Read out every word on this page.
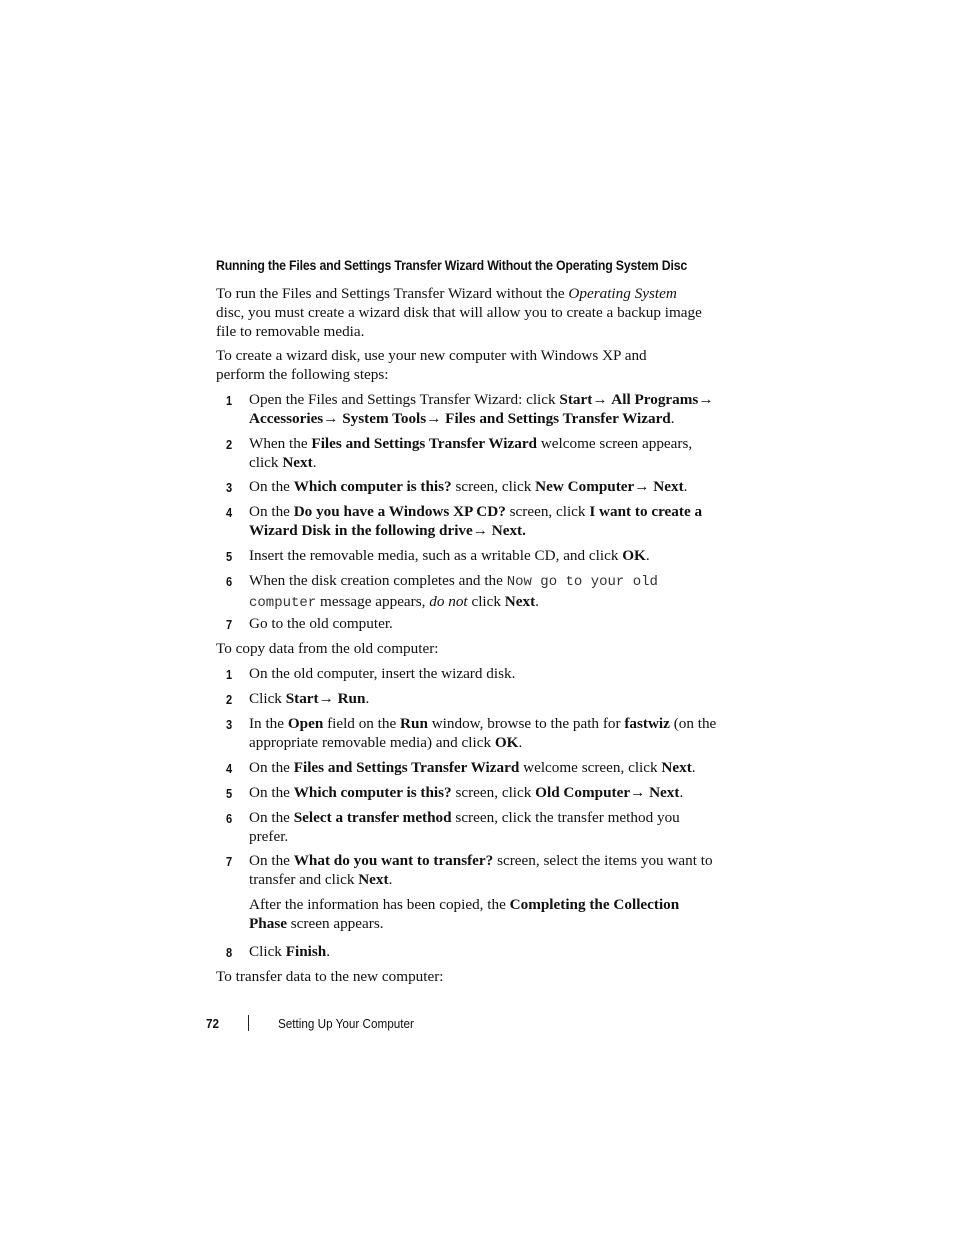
Running the Files and Settings Transfer Wizard Without the Operating System Disc

To run the Files and Settings Transfer Wizard without the Operating System
disc, you must create a wizard disk that will allow you to create a backup image file to removable media.

To create a wizard disk, use your new computer with Windows XP and perform the following steps:

1 Open the Files and Settings Transfer Wizard: click Start→ All Programs→
Accessories→ System Tools→ Files and Settings Transfer Wizard.
2 When the Files and Settings Transfer Wizard welcome screen appears, click Next.
3 On the Which computer is this? screen, click New Computer→ Next.
4 On the Do you have a Windows XP CD? screen, click I want to create a Wizard Disk in the following drive→ Next.
5 Insert the removable media, such as a writable CD, and click OK.
6 When the disk creation completes and the Now go to your old computer message appears, do not click Next.
7 Go to the old computer.
To copy data from the old computer:
1 On the old computer, insert the wizard disk.
2 Click Start→ Run.
3 In the Open field on the Run window, browse to the path for fastwiz (on the appropriate removable media) and click OK.
4 On the Files and Settings Transfer Wizard welcome screen, click Next.
5 On the Which computer is this? screen, click Old Computer→ Next.
6 On the Select a transfer method screen, click the transfer method you prefer.
7 On the What do you want to transfer? screen, select the items you want to transfer and click Next.
After the information has been copied, the Completing the Collection Phase screen appears.
8 Click Finish.
To transfer data to the new computer:
72	Setting Up Your Computer
